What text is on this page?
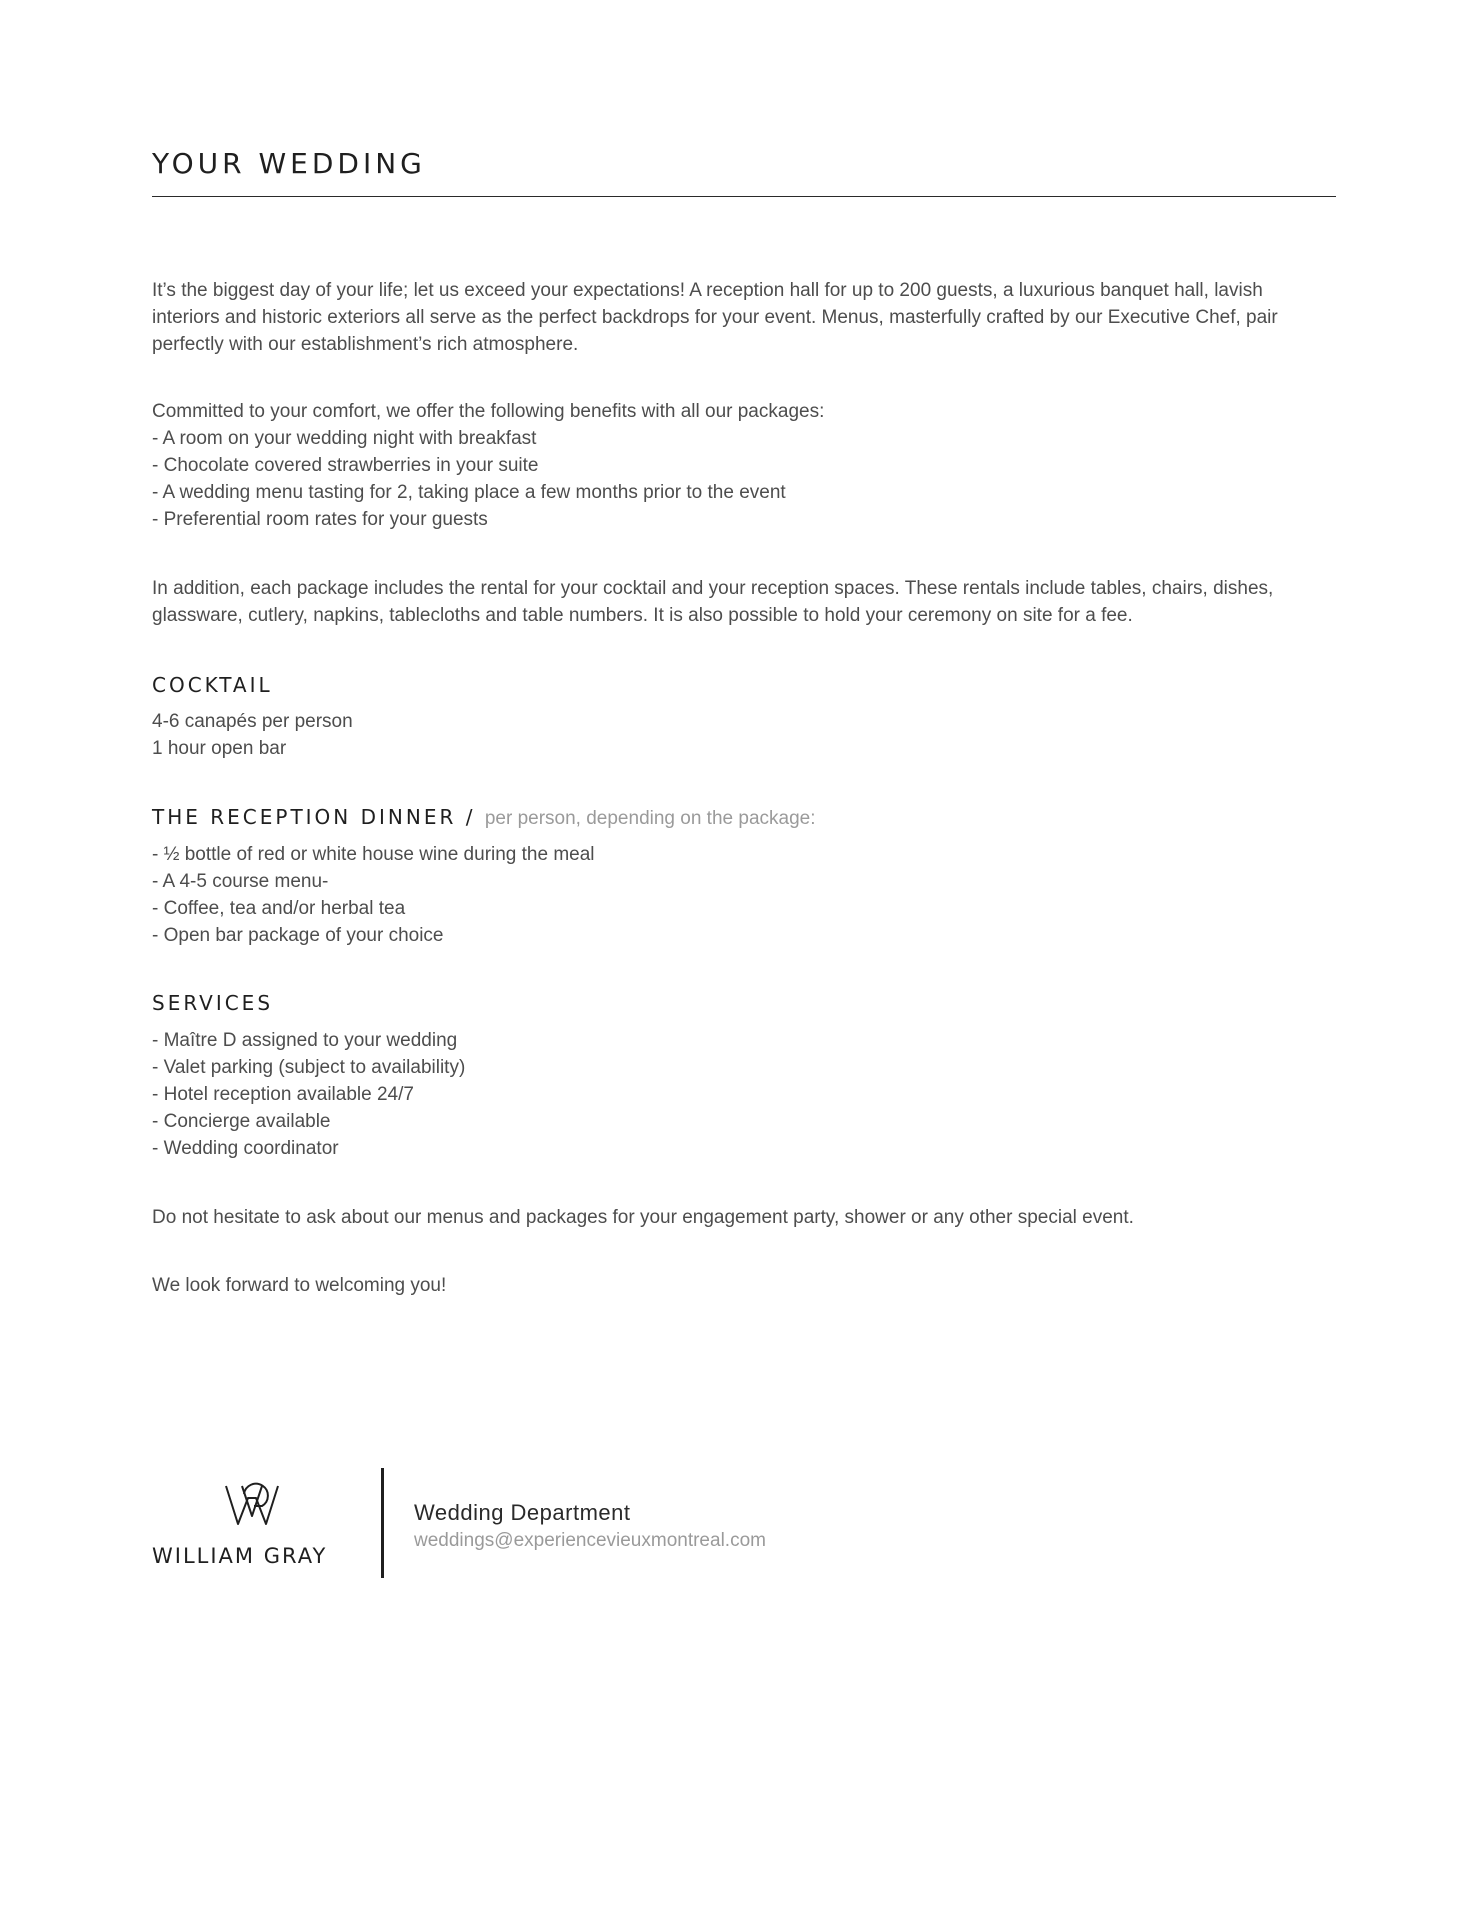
YOUR WEDDING

It’s the biggest day of your life; let us exceed your expectations! A reception hall for up to 200 guests, a luxurious banquet hall, lavish interiors and historic exteriors all serve as the perfect backdrops for your event. Menus, masterfully crafted by our Executive Chef, pair perfectly with our establishment’s rich atmosphere.

Committed to your comfort, we offer the following benefits with all our packages:

- A room on your wedding night with breakfast
- Chocolate covered strawberries in your suite
- A wedding menu tasting for 2, taking place a few months prior to the event
- Preferential room rates for your guests

In addition, each package includes the rental for your cocktail and your reception spaces. These rentals include tables, chairs, dishes, glassware, cutlery, napkins, tablecloths and table numbers. It is also possible to hold your ceremony on site for a fee.

COCKTAIL
4-6 canapés per person
1 hour open bar
THE RECEPTION DINNER / per person, depending on the package:
- ½ bottle of red or white house wine during the meal
- A 4-5 course menu-
- Coffee, tea and/or herbal tea
- Open bar package of your choice
SERVICES
- Maître D assigned to your wedding
- Valet parking (subject to availability)
- Hotel reception available 24/7
- Concierge available
- Wedding coordinator

Do not hesitate to ask about our menus and packages for your engagement party, shower or any other special event.

We look forward to welcoming you!

WILLIAM GRAY
Wedding Department
weddings@experiencevieuxmontreal.com
